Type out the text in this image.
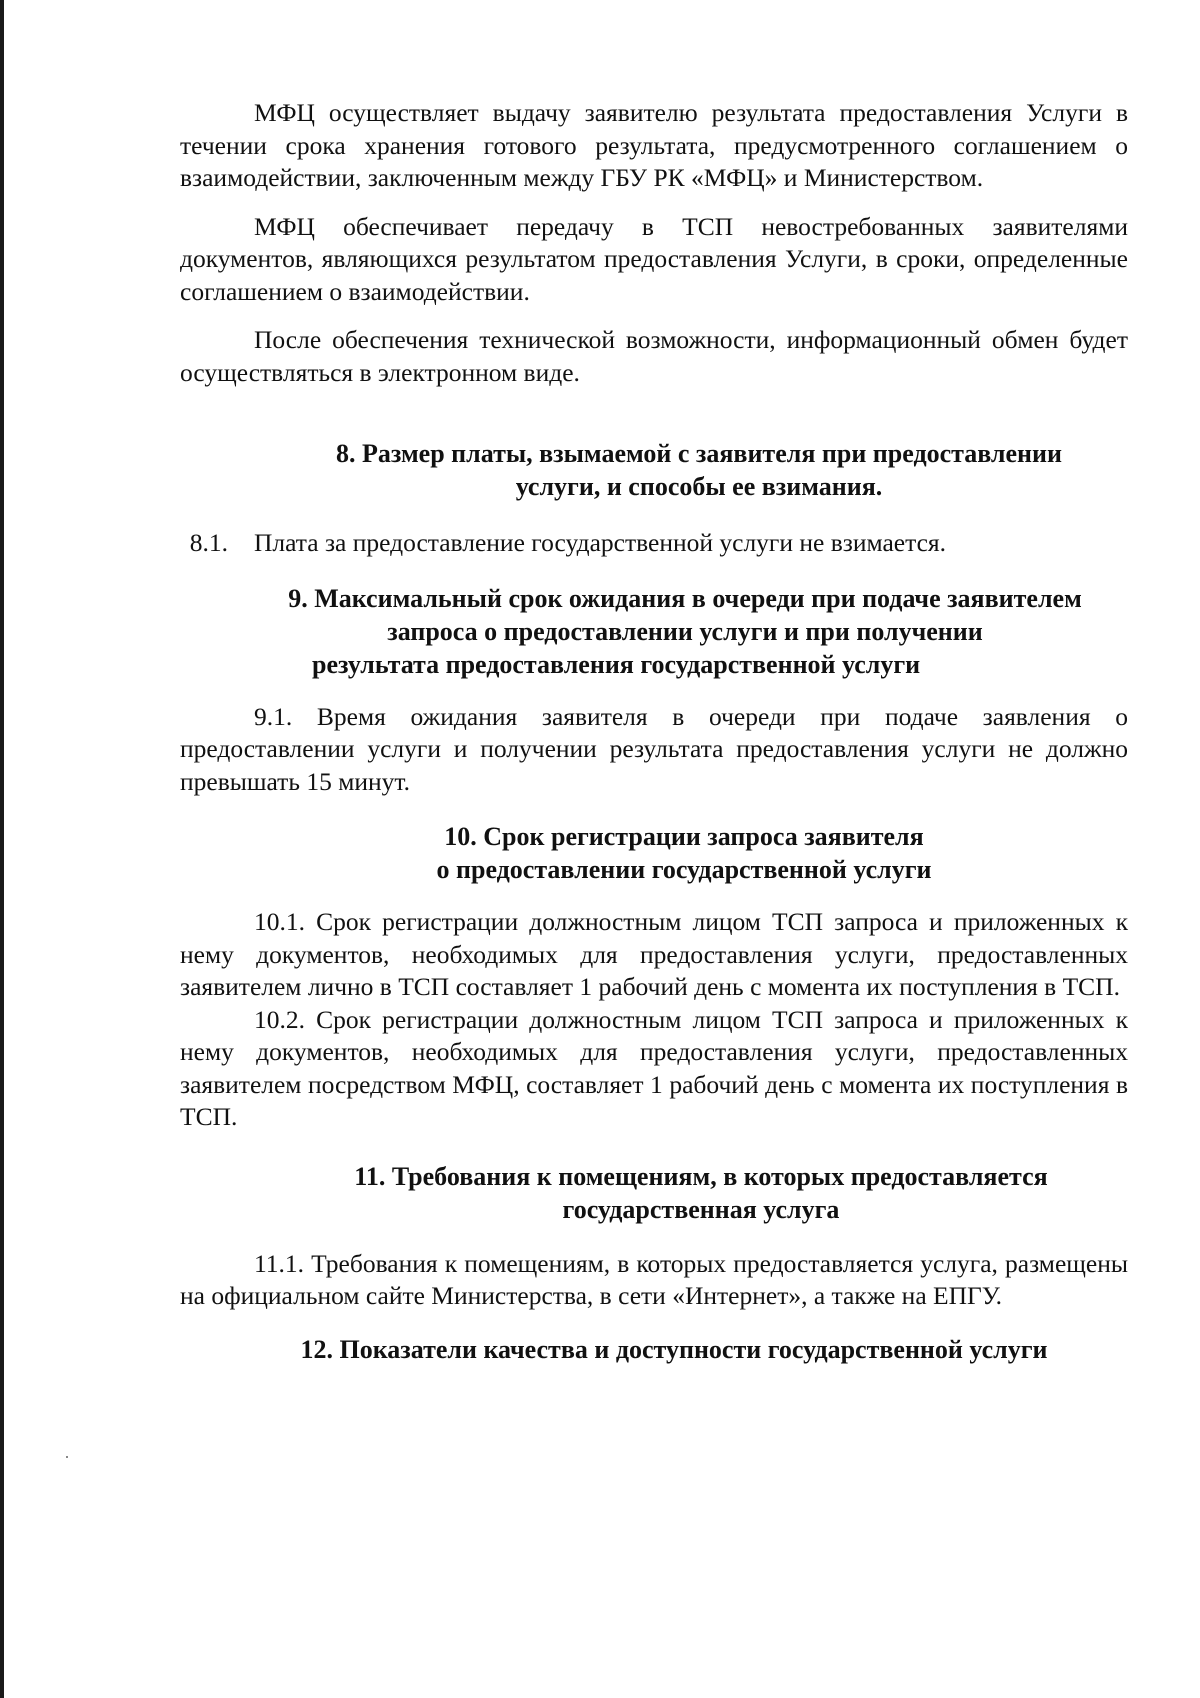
МФЦ осуществляет выдачу заявителю результата предоставления Услуги в течении срока хранения готового результата, предусмотренного соглашением о взаимодействии, заключенным между ГБУ РК «МФЦ» и Министерством.

МФЦ обеспечивает передачу в ТСП невостребованных заявителями документов, являющихся результатом предоставления Услуги, в сроки, определенные соглашением о взаимодействии.

После обеспечения технической возможности, информационный обмен будет осуществляться в электронном виде.

8. Размер платы, взымаемой с заявителя при предоставлении
услуги, и способы ее взимания.
8.1.	Плата за предоставление государственной услуги не взимается.
9. Максимальный срок ожидания в очереди при подаче заявителем
запроса о предоставлении услуги и при получении
результата предоставления государственной услуги

9.1. Время ожидания заявителя в очереди при подаче заявления о предоставлении услуги и получении результата предоставления услуги не должно превышать 15 минут.

10. Срок регистрации запроса заявителя
о предоставлении государственной услуги

10.1. Срок регистрации должностным лицом ТСП запроса и приложенных к нему документов, необходимых для предоставления услуги, предоставленных заявителем лично в ТСП составляет 1 рабочий день с момента их поступления в ТСП.

10.2. Срок регистрации должностным лицом ТСП запроса и приложенных к нему документов, необходимых для предоставления услуги, предоставленных заявителем посредством МФЦ, составляет 1 рабочий день с момента их поступления в ТСП.

11. Требования к помещениям, в которых предоставляется
государственная услуга

11.1. Требования к помещениям, в которых предоставляется услуга, размещены на официальном сайте Министерства, в сети «Интернет», а также на ЕПГУ.

12. Показатели качества и доступности государственной услуги
